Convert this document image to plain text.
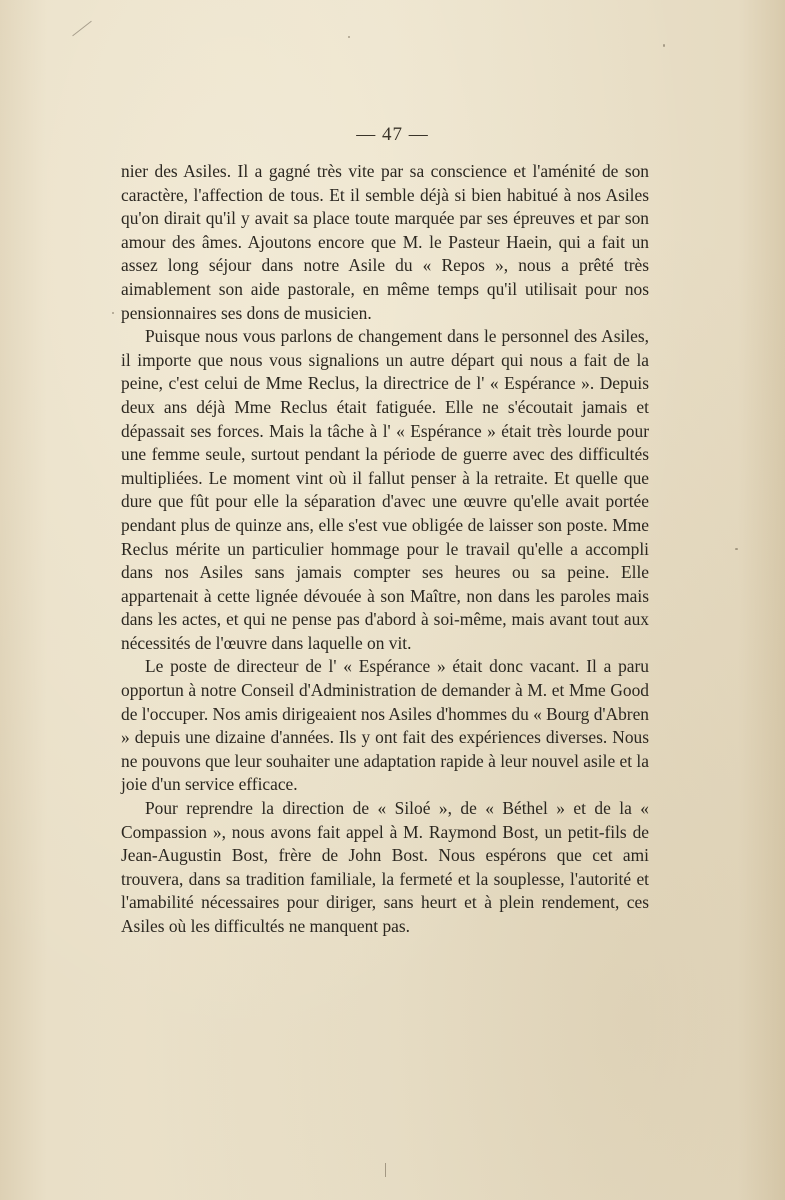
— 47 —

nier des Asiles. Il a gagné très vite par sa conscience et l'aménité de son caractère, l'affection de tous. Et il semble déjà si bien habitué à nos Asiles qu'on dirait qu'il y avait sa place toute marquée par ses épreuves et par son amour des âmes. Ajoutons encore que M. le Pasteur Haein, qui a fait un assez long séjour dans notre Asile du « Repos », nous a prêté très aimablement son aide pastorale, en même temps qu'il utilisait pour nos pensionnaires ses dons de musicien.

Puisque nous vous parlons de changement dans le personnel des Asiles, il importe que nous vous signalions un autre départ qui nous a fait de la peine, c'est celui de Mme Reclus, la directrice de l' « Espérance ». Depuis deux ans déjà Mme Reclus était fatiguée. Elle ne s'écoutait jamais et dépassait ses forces. Mais la tâche à l' « Espérance » était très lourde pour une femme seule, surtout pendant la période de guerre avec des difficultés multipliées. Le moment vint où il fallut penser à la retraite. Et quelle que dure que fût pour elle la séparation d'avec une œuvre qu'elle avait portée pendant plus de quinze ans, elle s'est vue obligée de laisser son poste. Mme Reclus mérite un particulier hommage pour le travail qu'elle a accompli dans nos Asiles sans jamais compter ses heures ou sa peine. Elle appartenait à cette lignée dévouée à son Maître, non dans les paroles mais dans les actes, et qui ne pense pas d'abord à soi-même, mais avant tout aux nécessités de l'œuvre dans laquelle on vit.

Le poste de directeur de l' « Espérance » était donc vacant. Il a paru opportun à notre Conseil d'Administration de demander à M. et Mme Good de l'occuper. Nos amis dirigeaient nos Asiles d'hommes du « Bourg d'Abren » depuis une dizaine d'années. Ils y ont fait des expériences diverses. Nous ne pouvons que leur souhaiter une adaptation rapide à leur nouvel asile et la joie d'un service efficace.

Pour reprendre la direction de « Siloé », de « Béthel » et de la « Compassion », nous avons fait appel à M. Raymond Bost, un petit-fils de Jean-Augustin Bost, frère de John Bost. Nous espérons que cet ami trouvera, dans sa tradition familiale, la fermeté et la souplesse, l'autorité et l'amabilité nécessaires pour diriger, sans heurt et à plein rendement, ces Asiles où les difficultés ne manquent pas.
